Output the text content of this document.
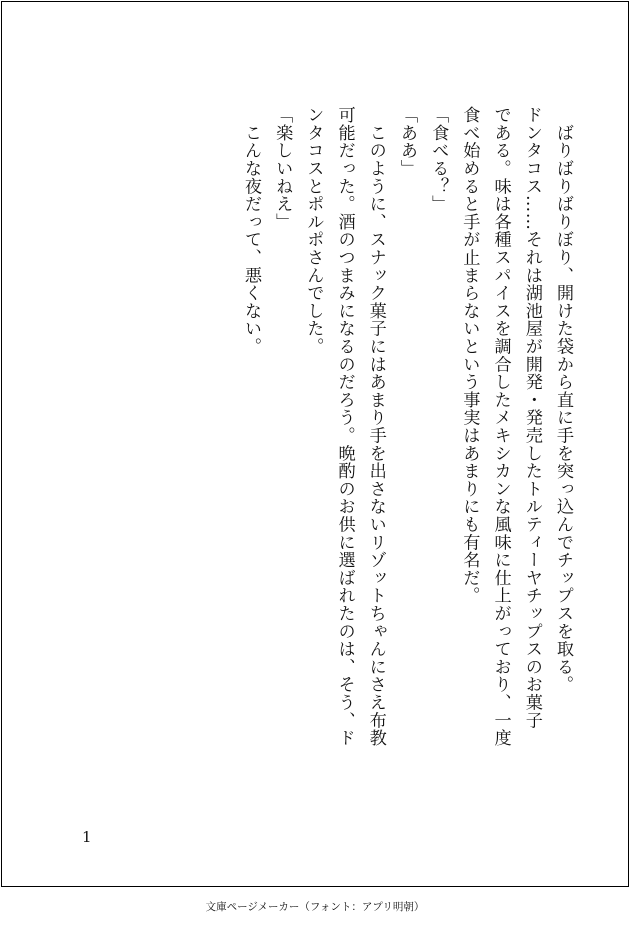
　ばりばりばりぼり、開けた袋から直に手を突っ込んでチップスを取る。
ドンタコス……それは湖池屋が開発・発売したトルティーヤチップスのお菓子
である。味は各種スパイスを調合したメキシカンな風味に仕上がっており、一度
食べ始めると手が止まらないという事実はあまりにも有名だ。
「食べる？」
「ああ」
　このように、スナック菓子にはあまり手を出さないリゾットちゃんにさえ布教
可能だった。酒のつまみになるのだろう。晩酌のお供に選ばれたのは、そう、ド
ンタコスとポルポさんでした。
「楽しいねえ」
　こんな夜だって、悪くない。
1
文庫ページメーカー（フォント：アプリ明朝）
